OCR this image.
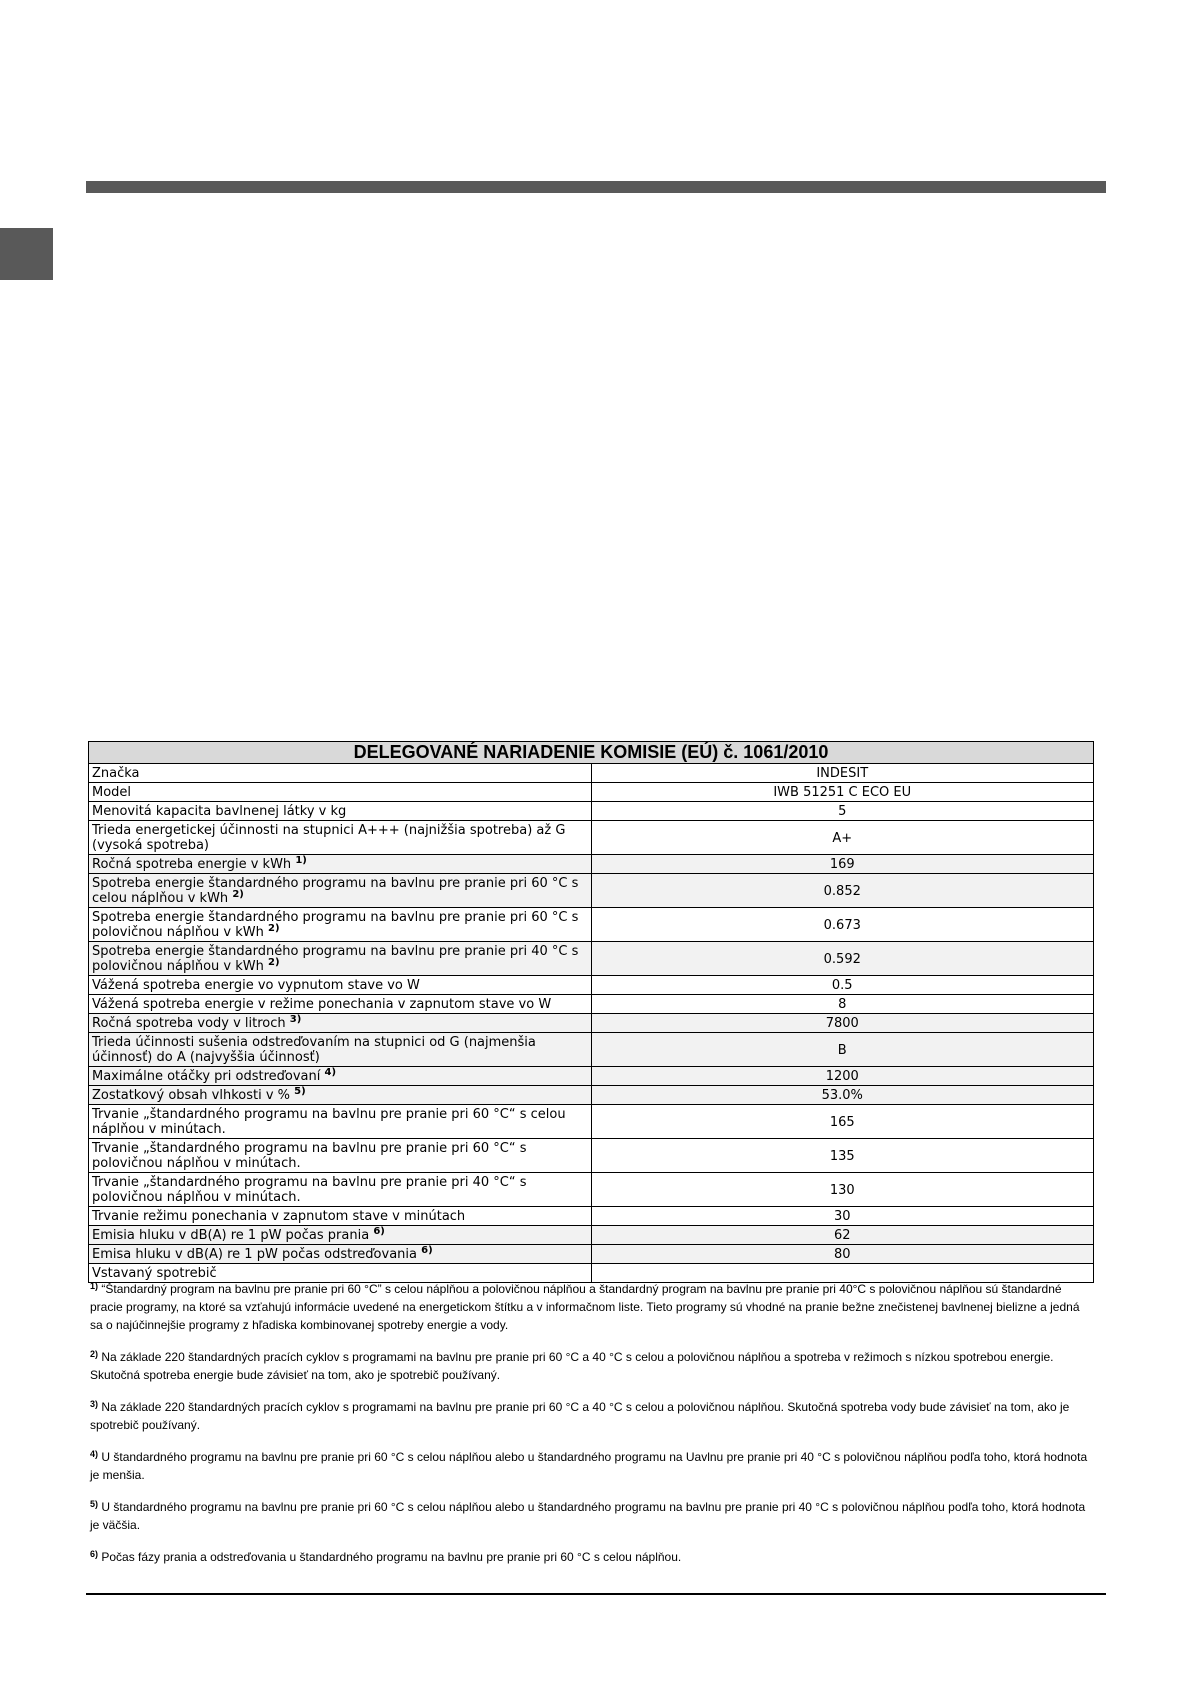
DELEGOVANÉ NARIADENIE KOMISIE (EÚ) č. 1061/2010	
Značka	INDESIT
Model	IWB 51251 C ECO EU
Menovitá kapacita bavlnenej látky v kg	5
Trieda energetickej účinnosti na stupnici A+++ (najnižšia spotreba) až G (vysoká spotreba)	A+
Ročná spotreba energie v kWh $^{1)}$	169
Spotreba energie štandardného programu na bavlnu pre pranie pri 60 °C s celou náplňou v kWh $^{2)}$	0.852
Spotreba energie štandardného programu na bavlnu pre pranie pri 60 °C s polovičnou náplňou v kWh $^{2)}$	0.673
Spotreba energie štandardného programu na bavlnu pre pranie pri 40 °C s polovičnou náplňou v kWh $^{2)}$	0.592
Vážená spotreba energie vo vypnutom stave vo W	0.5
Vážená spotreba energie v režime ponechania v zapnutom stave vo W	8
Ročná spotreba vody v litroch $^{3)}$	7800
Trieda účinnosti sušenia odstreďovaním na stupnici od G (najmenšia účinnosť) do A (najvyššia účinnosť)	B
Maximálne otáčky pri odstreďovaní $^{4)}$	1200
Zostatkový obsah vlhkosti v % $^{5)}$	53.0%
Trvanie „štandardného programu na bavlnu pre pranie pri 60 °C“ s celou náplňou v minútach.	165
Trvanie „štandardného programu na bavlnu pre pranie pri 60 °C“ s polovičnou náplňou v minútach.	135
Trvanie „štandardného programu na bavlnu pre pranie pri 40 °C“ s polovičnou náplňou v minútach.	130
Trvanie režimu ponechania v zapnutom stave v minútach	30
Emisia hluku v dB(A) re 1 pW počas prania $^{6)}$	62
Emisa hluku v dB(A) re 1 pW počas odstreďovania $^{6)}$	80
Vstavaný spotrebič	

$^{1)}$ “Štandardný program na bavlnu pre pranie pri 60 °C” s celou náplňou a polovičnou náplňou a štandardný program na bavlnu pre pranie pri 40°C s polovičnou náplňou sú štandardné pracie programy, na ktoré sa vzťahujú informácie uvedené na energetickom štítku a v informačnom liste. Tieto programy sú vhodné na pranie bežne znečistenej bavlnenej bielizne a jedná sa o najúčinnejšie programy z hľadiska kombinovanej spotreby energie a vody.

$^{2)}$ Na základe 220 štandardných pracích cyklov s programami na bavlnu pre pranie pri 60 °C a 40 °C s celou a polovičnou náplňou a spotreba v režimoch s nízkou spotrebou energie. Skutočná spotreba energie bude závisieť na tom, ako je spotrebič používaný.

$^{3)}$ Na základe 220 štandardných pracích cyklov s programami na bavlnu pre pranie pri 60 °C a 40 °C s celou a polovičnou náplňou. Skutočná spotreba vody bude závisieť na tom, ako je spotrebič používaný.

$^{4)}$ U štandardného programu na bavlnu pre pranie pri 60 °C s celou náplňou alebo u štandardného programu na Uavlnu pre pranie pri 40 °C s polovičnou náplňou podľa toho, ktorá hodnota je menšia.

$^{5)}$ U štandardného programu na bavlnu pre pranie pri 60 °C s celou náplňou alebo u štandardného programu na bavlnu pre pranie pri 40 °C s polovičnou náplňou podľa toho, ktorá hodnota je väčšia.

$^{6)}$ Počas fázy prania a odstreďovania u štandardného programu na bavlnu pre pranie pri 60 °C s celou náplňou.
